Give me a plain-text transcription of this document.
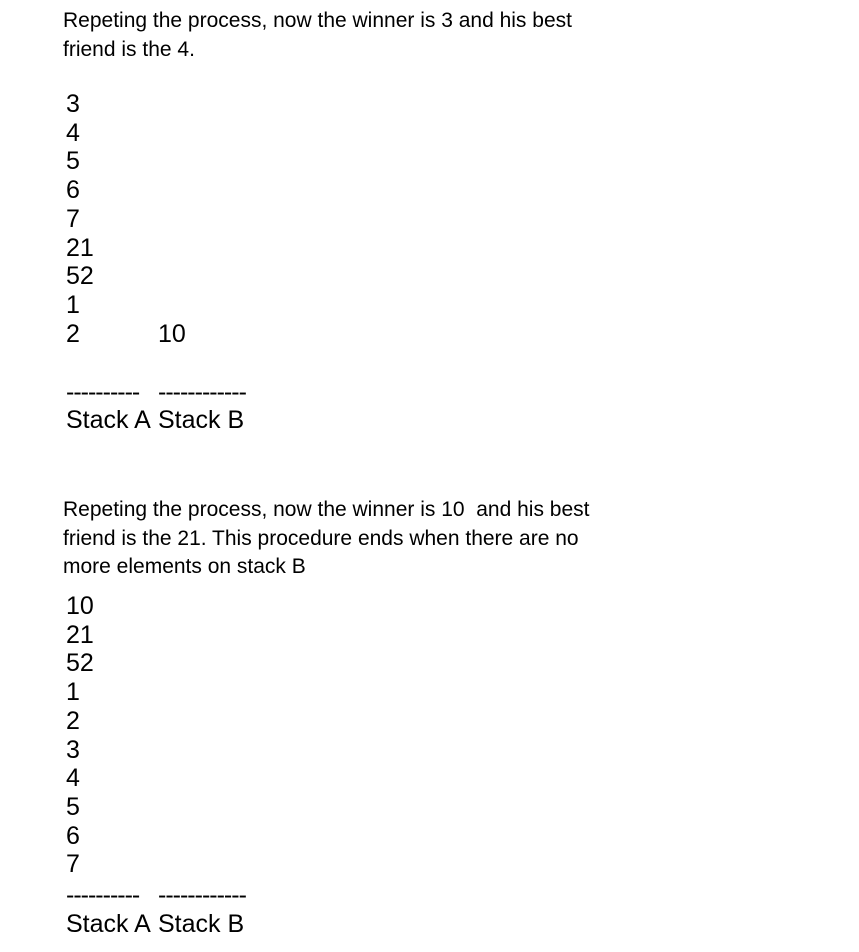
Repeting the process, now the winner is 3 and his best
friend is the 4.
3
4
5
6
7
21
52
1
2	10
---------- ------------
Stack A Stack B
Repeting the process, now the winner is 10  and his best
friend is the 21. This procedure ends when there are no
more elements on stack B
10
21
52
1
2
3
4
5
6
7
---------- ------------
Stack A Stack B
